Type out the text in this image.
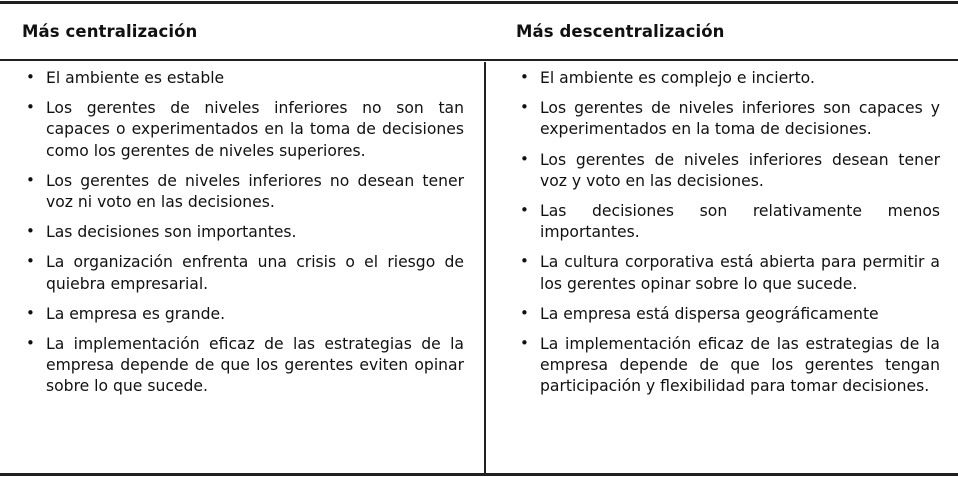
Más centralización	Más descentralización
• El ambiente es estable
• Los gerentes de niveles inferiores no son tan capaces o experimentados en la toma de decisiones como los gerentes de niveles superiores.
• Los gerentes de niveles inferiores no desean tener voz ni voto en las decisiones.
• Las decisiones son importantes.
• La organización enfrenta una crisis o el riesgo de quiebra empresarial.
• La empresa es grande.
• La implementación eficaz de las estrategias de la empresa depende de que los gerentes eviten opinar sobre lo que sucede.
• El ambiente es complejo e incierto.
• Los gerentes de niveles inferiores son capaces y experimentados en la toma de decisiones.
• Los gerentes de niveles inferiores desean tener voz y voto en las decisiones.
• Las decisiones son relativamente menos importantes.
• La cultura corporativa está abierta para permitir a los gerentes opinar sobre lo que sucede.
• La empresa está dispersa geográficamente
• La implementación eficaz de las estrategias de la empresa depende de que los gerentes tengan participación y flexibilidad para tomar decisiones.
